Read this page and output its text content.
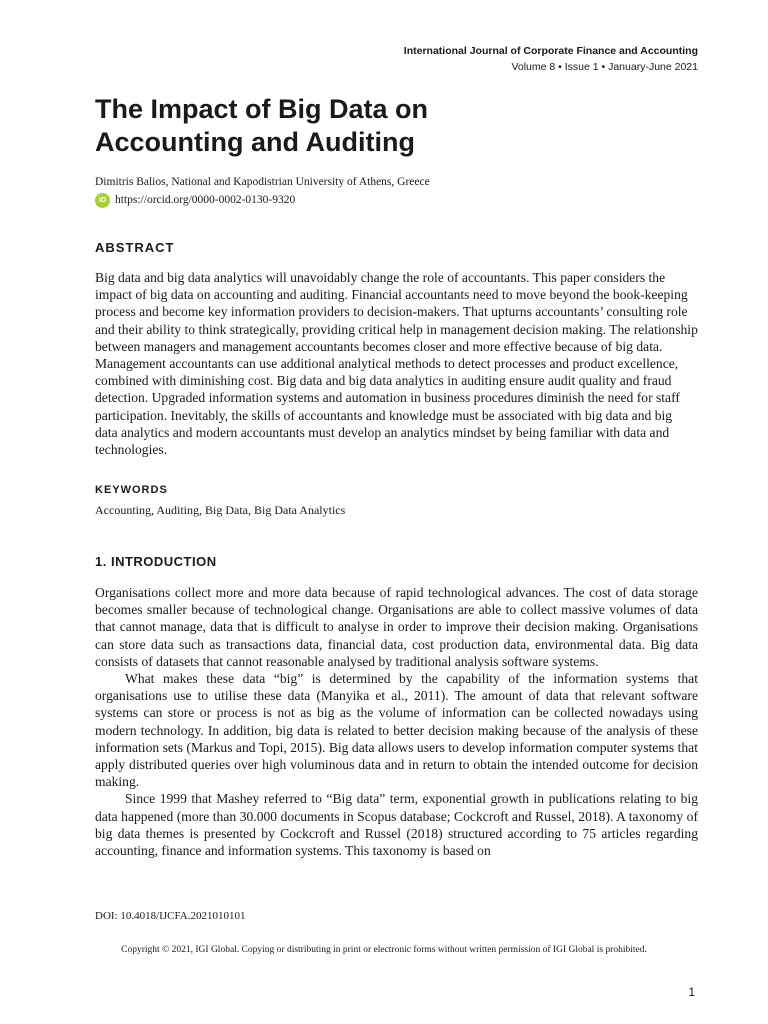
International Journal of Corporate Finance and Accounting
Volume 8 • Issue 1 • January-June 2021
The Impact of Big Data on
Accounting and Auditing
Dimitris Balios, National and Kapodistrian University of Athens, Greece
iD https://orcid.org/0000-0002-0130-9320
ABSTRACT

Big data and big data analytics will unavoidably change the role of accountants. This paper considers the impact of big data on accounting and auditing. Financial accountants need to move beyond the book-keeping process and become key information providers to decision-makers. That upturns accountants’ consulting role and their ability to think strategically, providing critical help in management decision making. The relationship between managers and management accountants becomes closer and more effective because of big data. Management accountants can use additional analytical methods to detect processes and product excellence, combined with diminishing cost. Big data and big data analytics in auditing ensure audit quality and fraud detection. Upgraded information systems and automation in business procedures diminish the need for staff participation. Inevitably, the skills of accountants and knowledge must be associated with big data and big data analytics and modern accountants must develop an analytics mindset by being familiar with data and technologies.

KEYWORDS

Accounting, Auditing, Big Data, Big Data Analytics

1. INTRODUCTION

Organisations collect more and more data because of rapid technological advances. The cost of data storage becomes smaller because of technological change. Organisations are able to collect massive volumes of data that cannot manage, data that is difficult to analyse in order to improve their decision making. Organisations can store data such as transactions data, financial data, cost production data, environmental data. Big data consists of datasets that cannot reasonable analysed by traditional analysis software systems.

What makes these data “big” is determined by the capability of the information systems that organisations use to utilise these data (Manyika et al., 2011). The amount of data that relevant software systems can store or process is not as big as the volume of information can be collected nowadays using modern technology. In addition, big data is related to better decision making because of the analysis of these information sets (Markus and Topi, 2015). Big data allows users to develop information computer systems that apply distributed queries over high voluminous data and in return to obtain the intended outcome for decision making.

Since 1999 that Mashey referred to “Big data” term, exponential growth in publications relating to big data happened (more than 30.000 documents in Scopus database; Cockcroft and Russel, 2018). A taxonomy of big data themes is presented by Cockcroft and Russel (2018) structured according to 75 articles regarding accounting, finance and information systems. This taxonomy is based on

DOI: 10.4018/IJCFA.2021010101
Copyright © 2021, IGI Global. Copying or distributing in print or electronic forms without written permission of IGI Global is prohibited.
1
